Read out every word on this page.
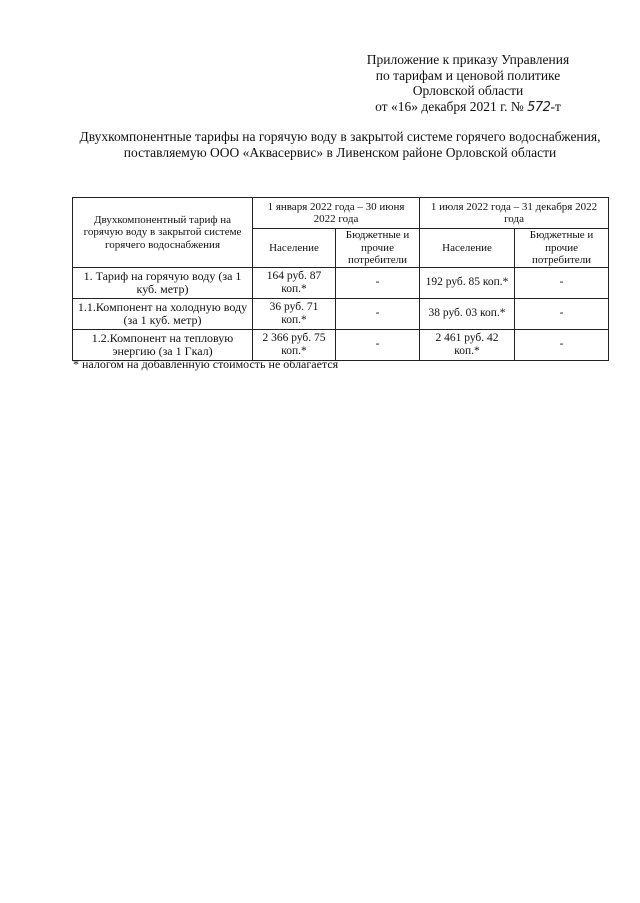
Приложение к приказу Управления
по тарифам и ценовой политике
Орловской области
от «16» декабря 2021 г. № 572-т
Двухкомпонентные тарифы на горячую воду в закрытой системе горячего водоснабжения, поставляемую ООО «Аквасервис» в Ливенском районе Орловской области
Двухкомпонентный тариф на горячую воду в закрытой системе горячего водоснабжения	1 января 2022 года – 30 июня 2022 года		1 июля 2022 года – 31 декабря 2022 года	
	Население	Бюджетные и прочие потребители	Население	Бюджетные и прочие потребители
1. Тариф на горячую воду (за 1 куб. метр)	164 руб. 87 коп.*	-	192 руб. 85 коп.*	-
1.1.Компонент на холодную воду (за 1 куб. метр)	36 руб. 71 коп.*	-	38 руб. 03 коп.*	-
1.2.Компонент на тепловую энергию (за 1 Гкал)	2 366 руб. 75 коп.*	-	2 461 руб. 42 коп.*	-
* налогом на добавленную стоимость не облагается
